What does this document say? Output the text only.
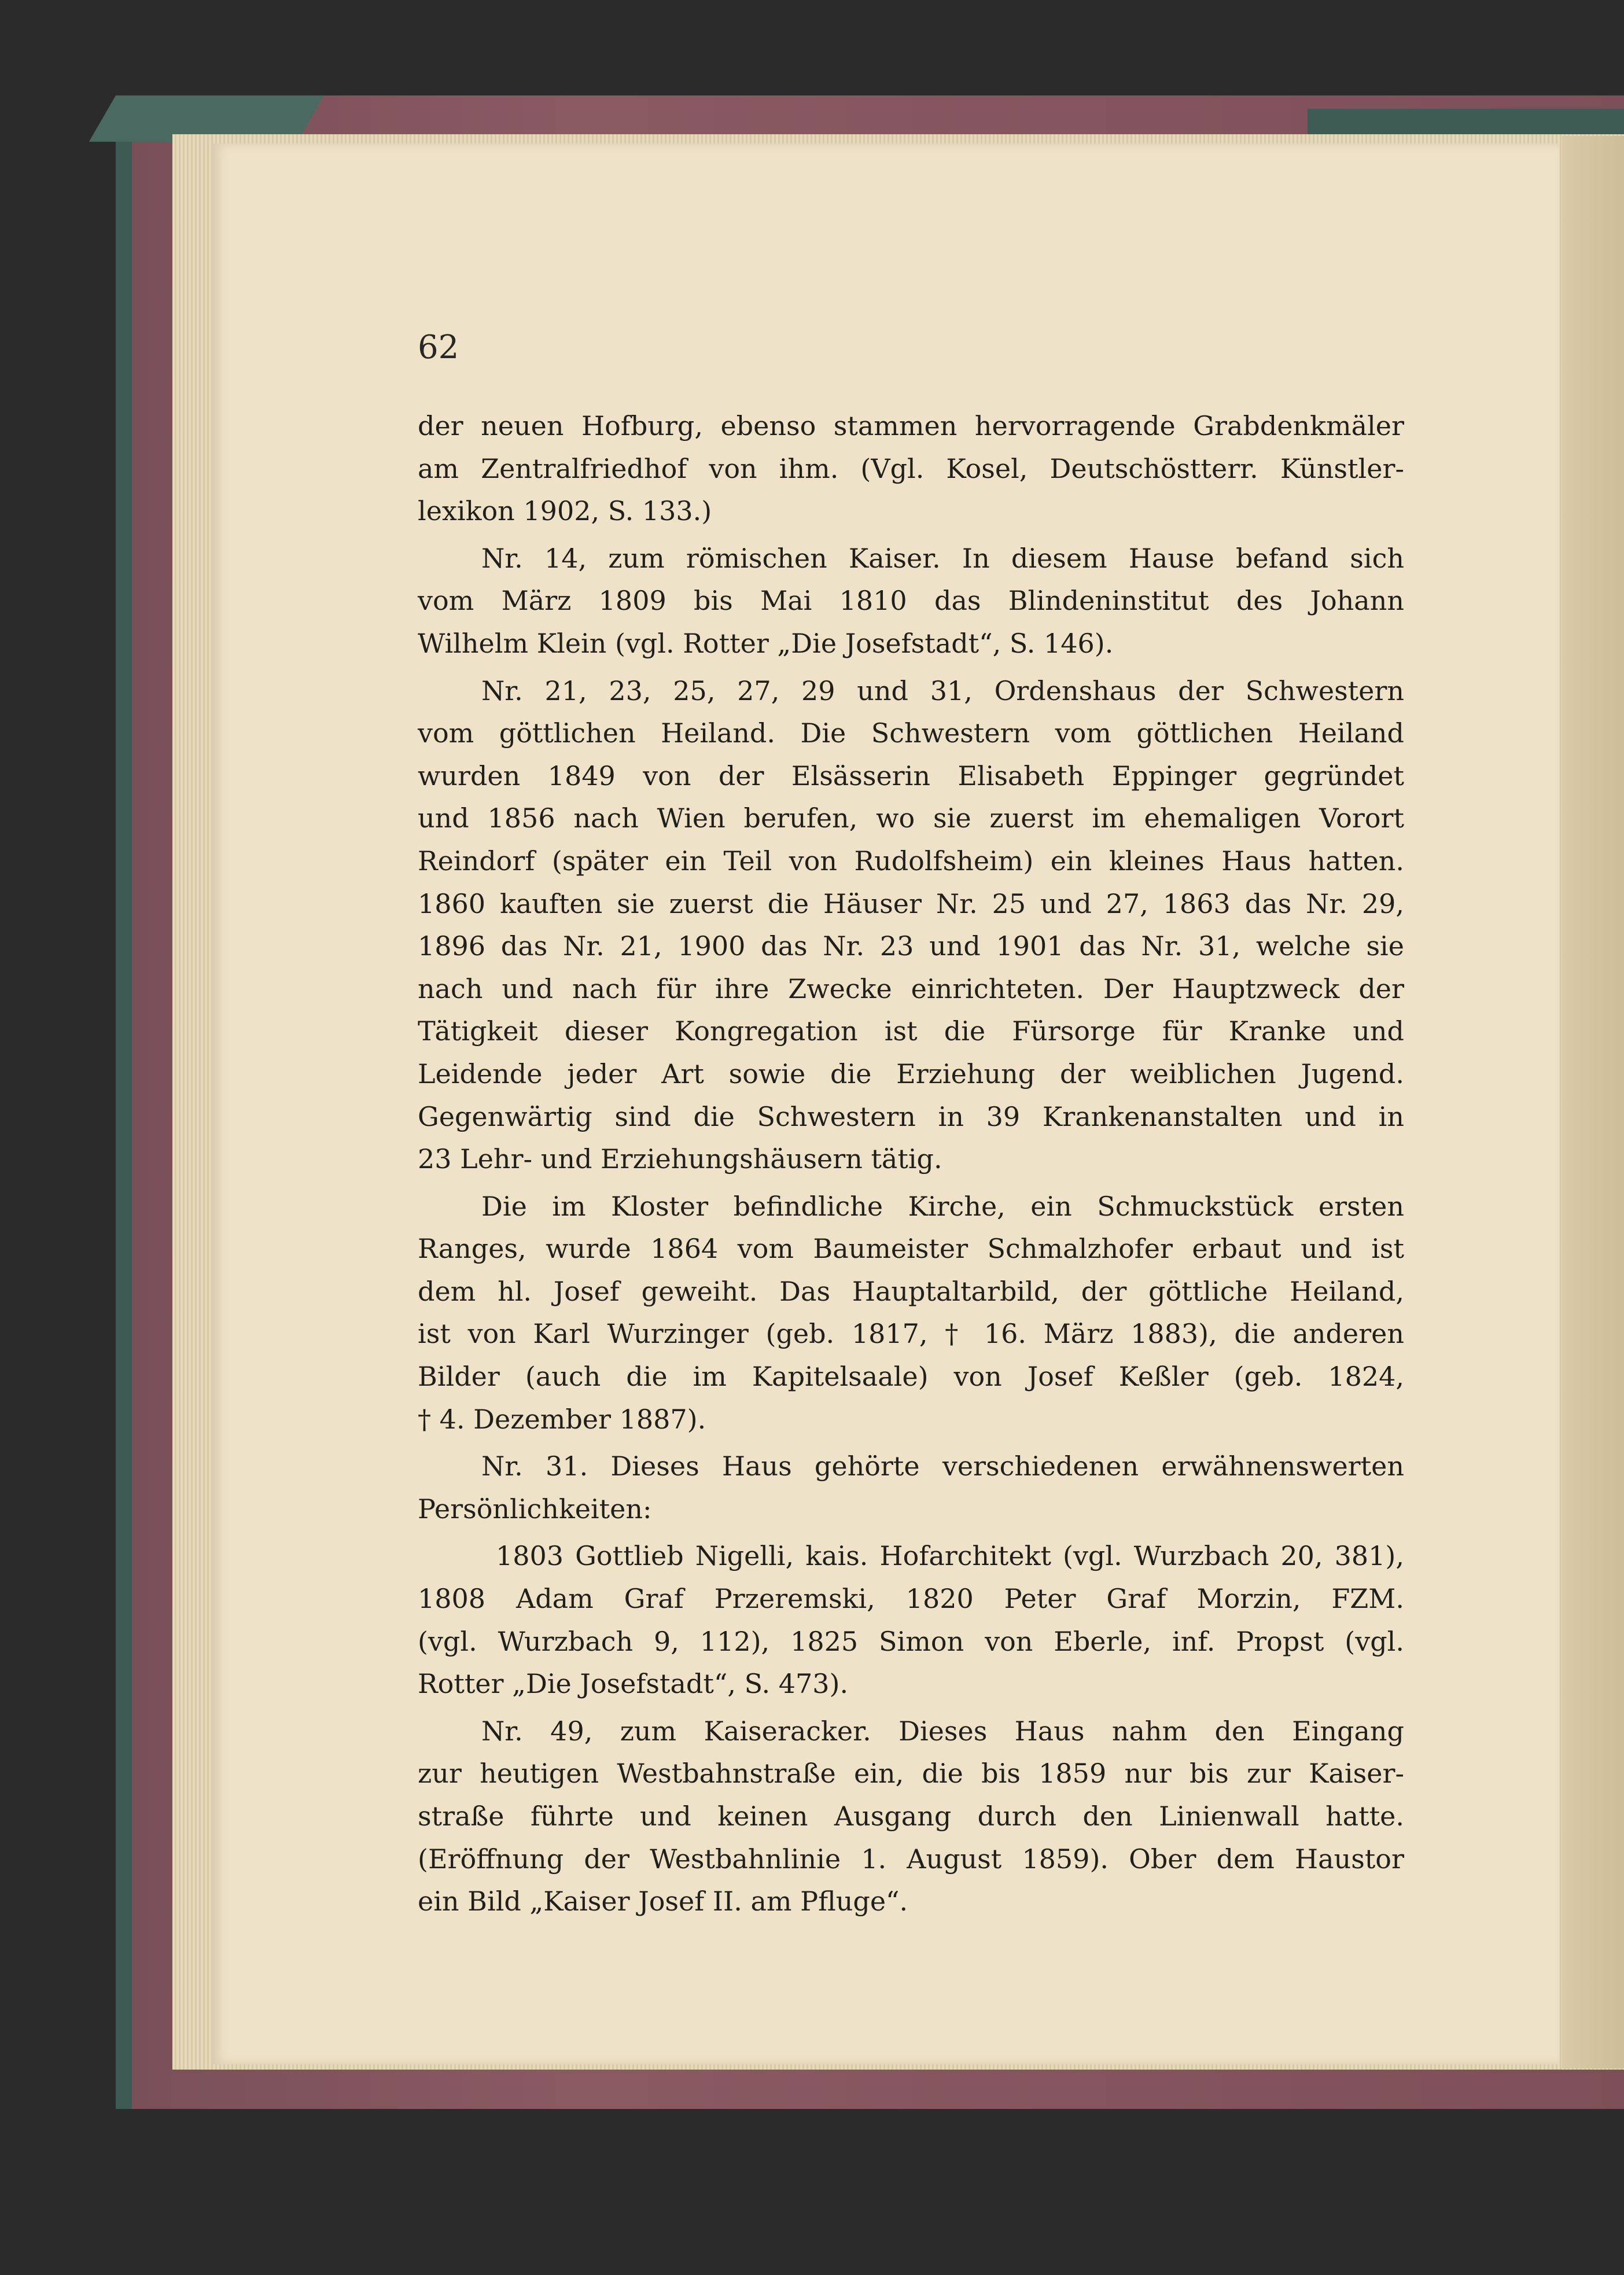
62
der neuen Hofburg, ebenso stammen hervorragende Grabdenkmäler
am Zentralfriedhof von ihm. (Vgl. Kosel, Deutschöstterr. Künstler-
lexikon 1902, S. 133.)
Nr. 14, zum römischen Kaiser. In diesem Hause befand sich
vom März 1809 bis Mai 1810 das Blindeninstitut des Johann
Wilhelm Klein (vgl. Rotter „Die Josefstadt“, S. 146).
Nr. 21, 23, 25, 27, 29 und 31, Ordenshaus der Schwestern
vom göttlichen Heiland. Die Schwestern vom göttlichen Heiland
wurden 1849 von der Elsässerin Elisabeth Eppinger gegründet
und 1856 nach Wien berufen, wo sie zuerst im ehemaligen Vorort
Reindorf (später ein Teil von Rudolfsheim) ein kleines Haus hatten.
1860 kauften sie zuerst die Häuser Nr. 25 und 27, 1863 das Nr. 29,
1896 das Nr. 21, 1900 das Nr. 23 und 1901 das Nr. 31, welche sie
nach und nach für ihre Zwecke einrichteten. Der Hauptzweck der
Tätigkeit dieser Kongregation ist die Fürsorge für Kranke und
Leidende jeder Art sowie die Erziehung der weiblichen Jugend.
Gegenwärtig sind die Schwestern in 39 Krankenanstalten und in
23 Lehr- und Erziehungshäusern tätig.
Die im Kloster befindliche Kirche, ein Schmuckstück ersten
Ranges, wurde 1864 vom Baumeister Schmalzhofer erbaut und ist
dem hl. Josef geweiht. Das Hauptaltarbild, der göttliche Heiland,
ist von Karl Wurzinger (geb. 1817, † 16. März 1883), die anderen
Bilder (auch die im Kapitelsaale) von Josef Keßler (geb. 1824,
† 4. Dezember 1887).
Nr. 31. Dieses Haus gehörte verschiedenen erwähnenswerten
Persönlichkeiten:
1803 Gottlieb Nigelli, kais. Hofarchitekt (vgl. Wurzbach 20, 381),
1808 Adam Graf Przeremski, 1820 Peter Graf Morzin, FZM.
(vgl. Wurzbach 9, 112), 1825 Simon von Eberle, inf. Propst (vgl.
Rotter „Die Josefstadt“, S. 473).
Nr. 49, zum Kaiseracker. Dieses Haus nahm den Eingang
zur heutigen Westbahnstraße ein, die bis 1859 nur bis zur Kaiser-
straße führte und keinen Ausgang durch den Linienwall hatte.
(Eröffnung der Westbahnlinie 1. August 1859). Ober dem Haustor
ein Bild „Kaiser Josef II. am Pfluge“.
